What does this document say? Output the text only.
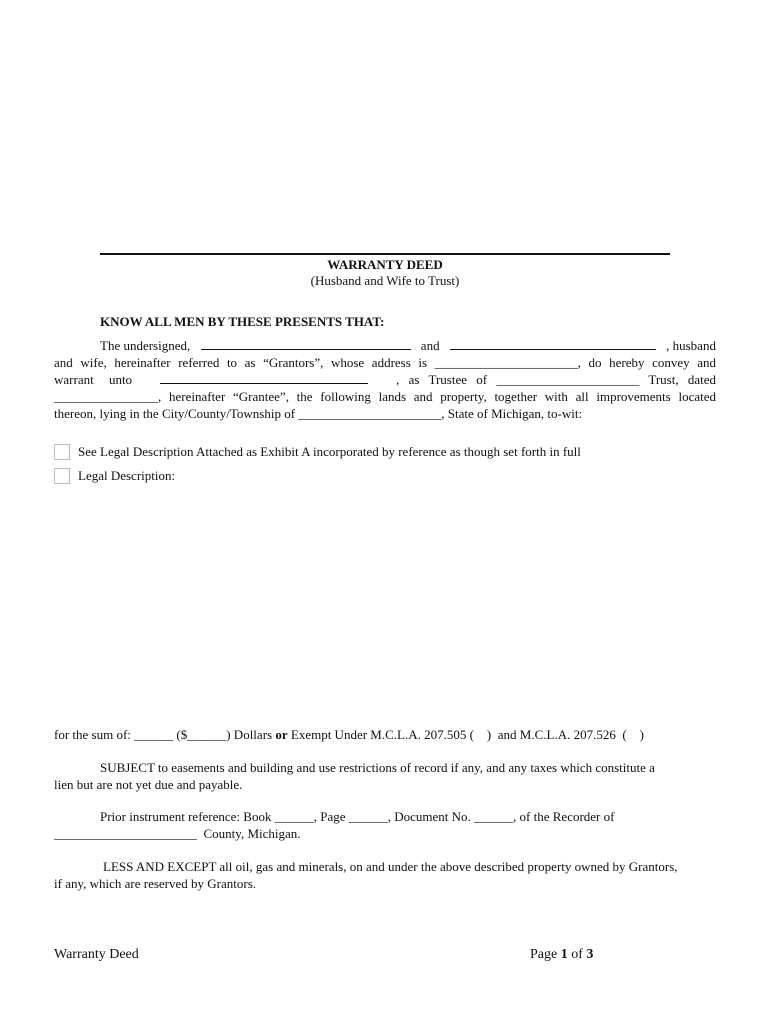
WARRANTY DEED
(Husband and Wife to Trust)
KNOW ALL MEN BY THESE PRESENTS THAT:
The undersigned,	and	, husband
and wife, hereinafter referred to as “Grantors”, whose address is ______________________, do hereby convey and
warrant unto	, as Trustee of ______________________ Trust, dated
________________, hereinafter “Grantee”, the following lands and property, together with all improvements located
thereon, lying in the City/County/Township of ______________________, State of Michigan, to-wit:
See Legal Description Attached as Exhibit A incorporated by reference as though set forth in full
Legal Description:
for the sum of: ______ ($______) Dollars or Exempt Under M.C.L.A. 207.505 (    )  and M.C.L.A. 207.526  (    )
SUBJECT to easements and building and use restrictions of record if any, and any taxes which constitute a
lien but are not yet due and payable.
Prior instrument reference: Book ______, Page ______, Document No. ______, of the Recorder of
______________________  County, Michigan.
LESS AND EXCEPT all oil, gas and minerals, on and under the above described property owned by Grantors,
if any, which are reserved by Grantors.
Warranty Deed	Page 1 of 3
